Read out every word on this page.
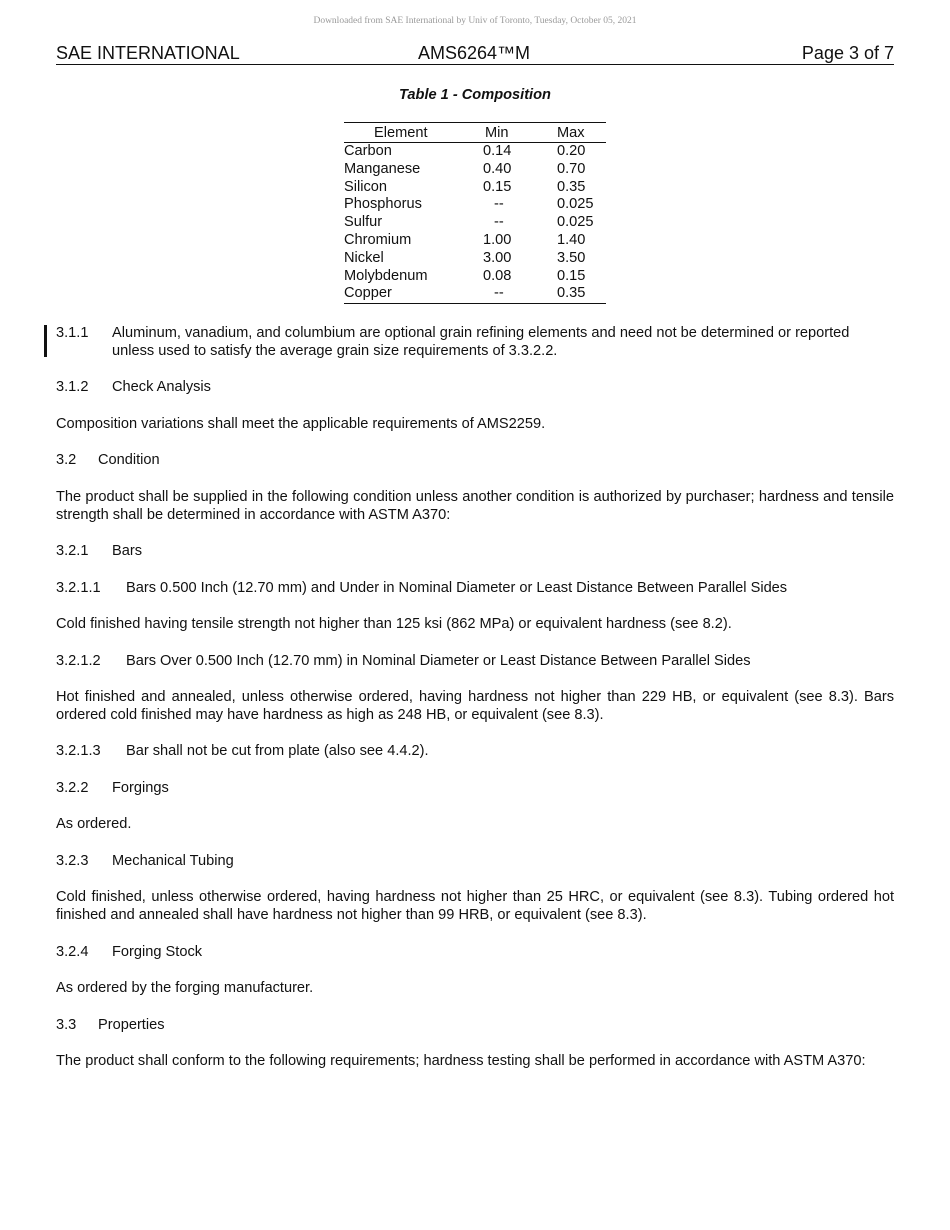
Downloaded from SAE International by Univ of Toronto, Tuesday, October 05, 2021
SAE INTERNATIONAL	AMS6264™M	Page 3 of 7
Table 1 - Composition
Element	Min	Max
Carbon	0.14	0.20
Manganese	0.40	0.70
Silicon	0.15	0.35
Phosphorus	--	0.025
Sulfur	--	0.025
Chromium	1.00	1.40
Nickel	3.00	3.50
Molybdenum	0.08	0.15
Copper	--	0.35
3.1.1 Aluminum, vanadium, and columbium are optional grain refining elements and need not be determined or reported unless used to satisfy the average grain size requirements of 3.3.2.2.
3.1.2 Check Analysis
Composition variations shall meet the applicable requirements of AMS2259.
3.2 Condition
The product shall be supplied in the following condition unless another condition is authorized by purchaser; hardness and tensile strength shall be determined in accordance with ASTM A370:
3.2.1 Bars
3.2.1.1 Bars 0.500 Inch (12.70 mm) and Under in Nominal Diameter or Least Distance Between Parallel Sides
Cold finished having tensile strength not higher than 125 ksi (862 MPa) or equivalent hardness (see 8.2).
3.2.1.2 Bars Over 0.500 Inch (12.70 mm) in Nominal Diameter or Least Distance Between Parallel Sides
Hot finished and annealed, unless otherwise ordered, having hardness not higher than 229 HB, or equivalent (see 8.3). Bars ordered cold finished may have hardness as high as 248 HB, or equivalent (see 8.3).
3.2.1.3 Bar shall not be cut from plate (also see 4.4.2).
3.2.2 Forgings
As ordered.
3.2.3 Mechanical Tubing
Cold finished, unless otherwise ordered, having hardness not higher than 25 HRC, or equivalent (see 8.3). Tubing ordered hot finished and annealed shall have hardness not higher than 99 HRB, or equivalent (see 8.3).
3.2.4 Forging Stock
As ordered by the forging manufacturer.
3.3 Properties
The product shall conform to the following requirements; hardness testing shall be performed in accordance with ASTM A370:
